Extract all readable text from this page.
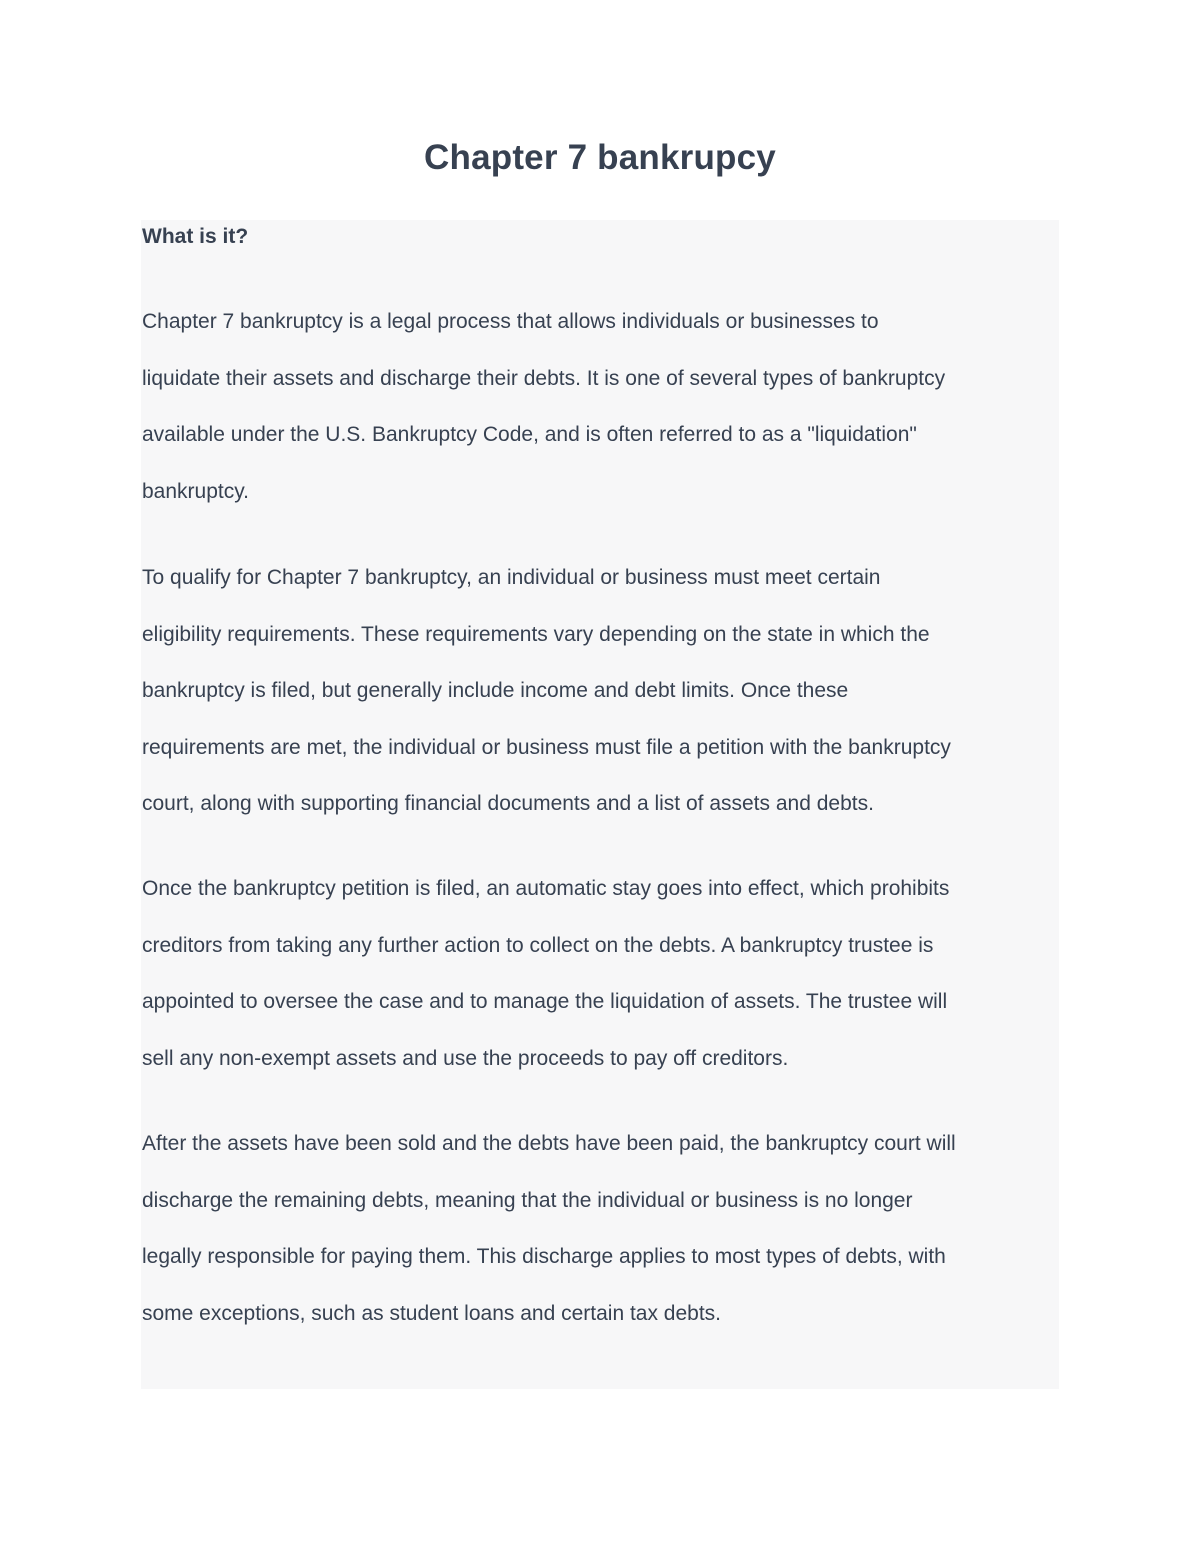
Chapter 7 bankrupcy
What is it?

Chapter 7 bankruptcy is a legal process that allows individuals or businesses to
liquidate their assets and discharge their debts. It is one of several types of bankruptcy
available under the U.S. Bankruptcy Code, and is often referred to as a "liquidation"
bankruptcy.

To qualify for Chapter 7 bankruptcy, an individual or business must meet certain
eligibility requirements. These requirements vary depending on the state in which the
bankruptcy is filed, but generally include income and debt limits. Once these
requirements are met, the individual or business must file a petition with the bankruptcy
court, along with supporting financial documents and a list of assets and debts.

Once the bankruptcy petition is filed, an automatic stay goes into effect, which prohibits
creditors from taking any further action to collect on the debts. A bankruptcy trustee is
appointed to oversee the case and to manage the liquidation of assets. The trustee will
sell any non-exempt assets and use the proceeds to pay off creditors.

After the assets have been sold and the debts have been paid, the bankruptcy court will
discharge the remaining debts, meaning that the individual or business is no longer
legally responsible for paying them. This discharge applies to most types of debts, with
some exceptions, such as student loans and certain tax debts.
